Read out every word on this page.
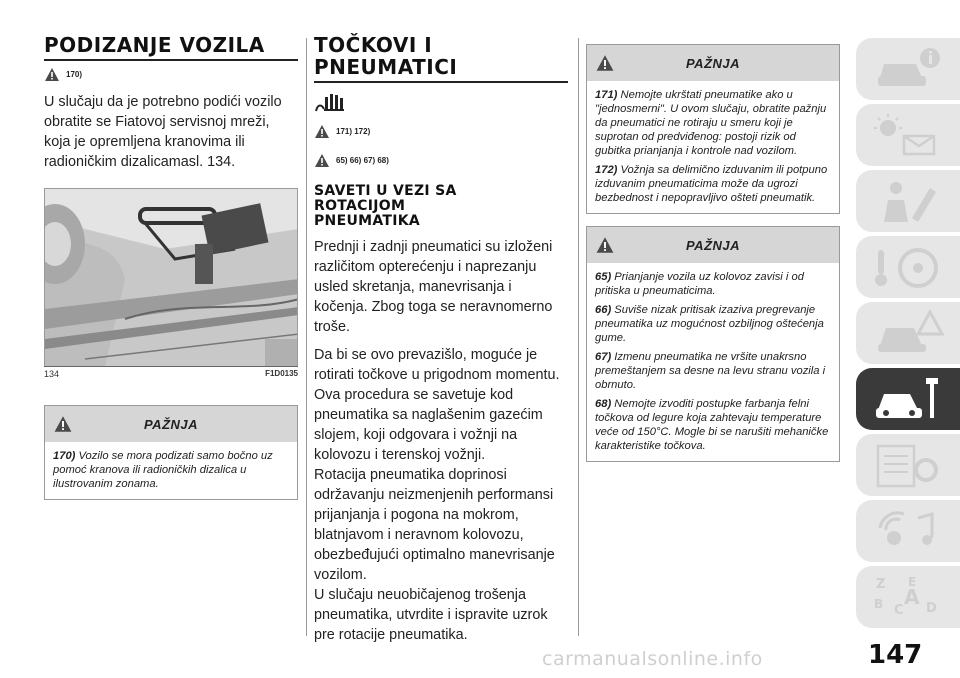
PODIZANJE VOZILA
170)

U slučaju da je potrebno podići vozilo obratite se Fiatovoj servisnoj mreži, koja je opremljena kranovima ili radioničkim dizalicamasl. 134.

134	F1D0135
PAŽNJA

170) Vozilo se mora podizati samo bočno uz pomoć kranova ili radioničkih dizalica u ilustrovanim zonama.

TOČKOVI I
PNEUMATICI
171) 172)
65) 66) 67) 68)
SAVETI U VEZI SA
ROTACIJOM
PNEUMATIKA

Prednji i zadnji pneumatici su izloženi različitom opterećenju i naprezanju usled skretanja, manevrisanja i kočenja. Zbog toga se neravnomerno troše.

Da bi se ovo prevazišlo, moguće je rotirati točkove u prigodnom momentu. Ova procedura se savetuje kod pneumatika sa naglašenim gazećim slojem, koji odgovara i vožnji na kolovozu i terenskoj vožnji.

Rotacija pneumatika doprinosi održavanju neizmenjenih performansi prijanjanja i pogona na mokrom, blatnjavom i neravnom kolovozu, obezbeđujući optimalno manevrisanje vozilom.

U slučaju neuobičajenog trošenja pneumatika, utvrdite i ispravite uzrok pre rotacije pneumatika.

PAŽNJA

171) Nemojte ukrštati pneumatike ako u "jednosmerni". U ovom slučaju, obratite pažnju da pneumatici ne rotiraju u smeru koji je suprotan od predviđenog: postoji rizik od gubitka prianjanja i kontrole nad vozilom.

172) Vožnja sa delimično izduvanim ili potpuno izduvanim pneumaticima može da ugrozi bezbednost i nepopravljivo ošteti pneumatik.

PAŽNJA

65) Prianjanje vozila uz kolovoz zavisi i od pritiska u pneumaticima.

66) Suviše nizak pritisak izaziva pregrevanje pneumatika uz mogućnost ozbiljnog oštećenja gume.

67) Izmenu pneumatika ne vršite unakrsno premeštanjem sa desne na levu stranu vozila i obrnuto.

68) Nemojte izvoditi postupke farbanja felni točkova od legure koja zahtevaju temperature veće od 150°C. Mogle bi se narušiti mehaničke karakteristike točkova.

Z E
B C
A D
carmanualsonline.info	147
